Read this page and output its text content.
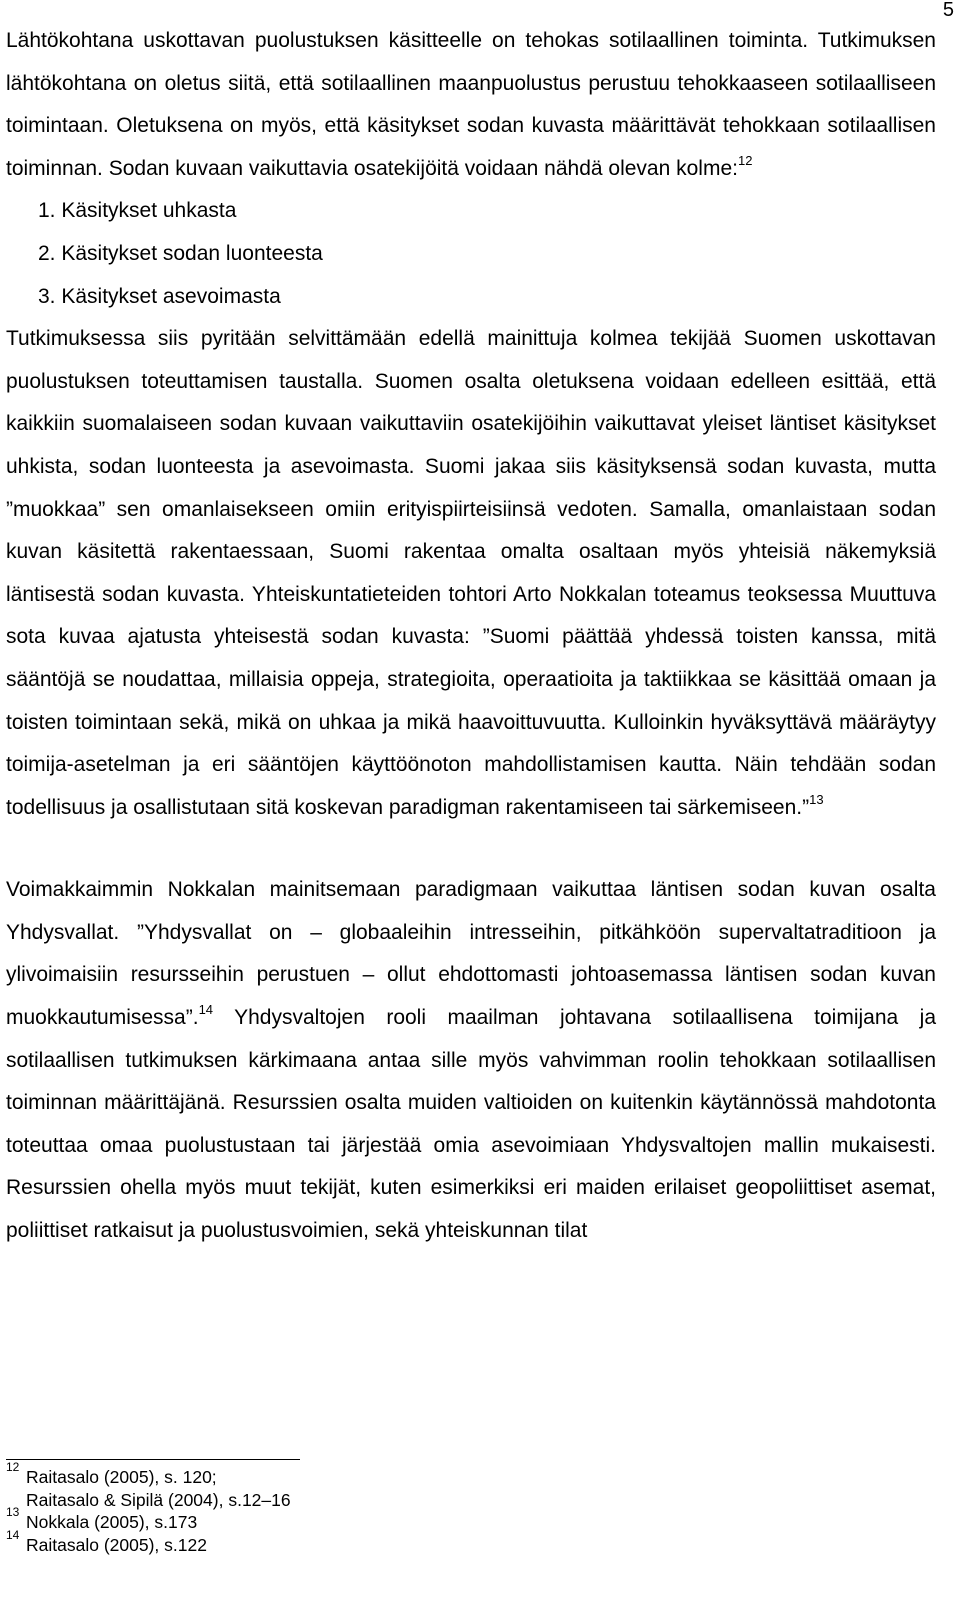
5

Lähtökohtana uskottavan puolustuksen käsitteelle on tehokas sotilaallinen toiminta. Tutkimuksen lähtökohtana on oletus siitä, että sotilaallinen maanpuolustus perustuu tehokkaaseen sotilaalliseen toimintaan. Oletuksena on myös, että käsitykset sodan kuvasta määrittävät tehokkaan sotilaallisen toiminnan. Sodan kuvaan vaikuttavia osatekijöitä voidaan nähdä olevan kolme:$^{12}$

1. Käsitykset uhkasta
2. Käsitykset sodan luonteesta
3. Käsitykset asevoimasta

Tutkimuksessa siis pyritään selvittämään edellä mainittuja kolmea tekijää Suomen uskottavan puolustuksen toteuttamisen taustalla. Suomen osalta oletuksena voidaan edelleen esittää, että kaikkiin suomalaiseen sodan kuvaan vaikuttaviin osatekijöihin vaikuttavat yleiset läntiset käsitykset uhkista, sodan luonteesta ja asevoimasta. Suomi jakaa siis käsityksensä sodan kuvasta, mutta ”muokkaa” sen omanlaisekseen omiin erityispiirteisiinsä vedoten. Samalla, omanlaistaan sodan kuvan käsitettä rakentaessaan, Suomi rakentaa omalta osaltaan myös yhteisiä näkemyksiä läntisestä sodan kuvasta. Yhteiskuntatieteiden tohtori Arto Nokkalan toteamus teoksessa Muuttuva sota kuvaa ajatusta yhteisestä sodan kuvasta: ”Suomi päättää yhdessä toisten kanssa, mitä sääntöjä se noudattaa, millaisia oppeja, strategioita, operaatioita ja taktiikkaa se käsittää omaan ja toisten toimintaan sekä, mikä on uhkaa ja mikä haavoittuvuutta. Kulloinkin hyväksyttävä määräytyy toimija-asetelman ja eri sääntöjen käyttöönoton mahdollistamisen kautta. Näin tehdään sodan todellisuus ja osallistutaan sitä koskevan paradigman rakentamiseen tai särkemiseen.”$^{13}$

Voimakkaimmin Nokkalan mainitsemaan paradigmaan vaikuttaa läntisen sodan kuvan osalta Yhdysvallat. ”Yhdysvallat on – globaaleihin intresseihin, pitkähköön supervaltatraditioon ja ylivoimaisiin resursseihin perustuen – ollut ehdottomasti johtoasemassa läntisen sodan kuvan muokkautumisessa”.$^{14}$ Yhdysvaltojen rooli maailman johtavana sotilaallisena toimijana ja sotilaallisen tutkimuksen kärkimaana antaa sille myös vahvimman roolin tehokkaan sotilaallisen toiminnan määrittäjänä. Resurssien osalta muiden valtioiden on kuitenkin käytännössä mahdotonta toteuttaa omaa puolustustaan tai järjestää omia asevoimiaan Yhdysvaltojen mallin mukaisesti. Resurssien ohella myös muut tekijät, kuten esimerkiksi eri maiden erilaiset geopoliittiset asemat, poliittiset ratkaisut ja puolustusvoimien, sekä yhteiskunnan tilat

12 Raitasalo (2005), s. 120;
Raitasalo & Sipilä (2004), s.12–16
13 Nokkala (2005), s.173
14 Raitasalo (2005), s.122
